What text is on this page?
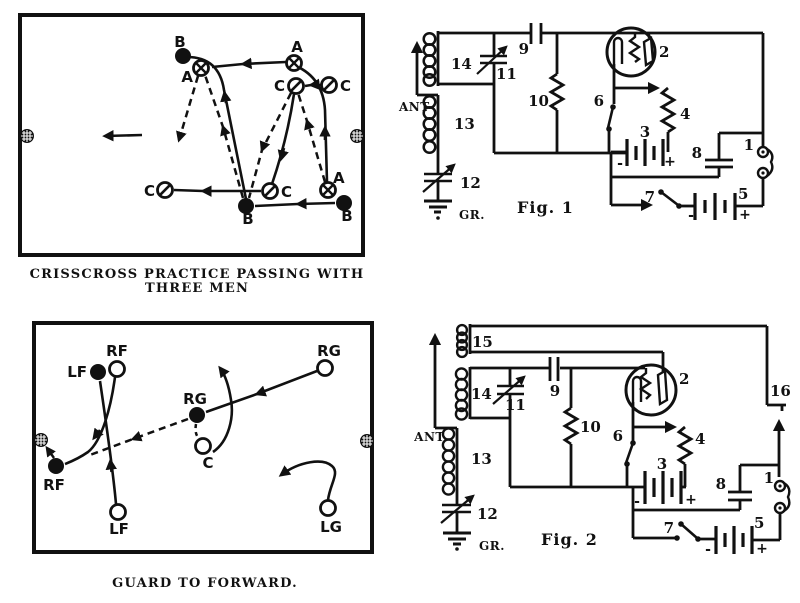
B
A
A
C	C
A
C
C
B	B
CRISSCROSS PRACTICE PASSING WITH
THREE MEN
LF
RF	RG
RG
C
RF
LF	LG
GUARD TO FORWARD.
ANT
14
13
12
GR.
9
11
10
2
6
4
3
-	+ 8	1
7	5
-	+
Fig. 1
ANT.
15
14	9
11
10
13
12
GR.
2
6	4
3
-	+
8
16
1
7	5
-	+
Fig. 2
